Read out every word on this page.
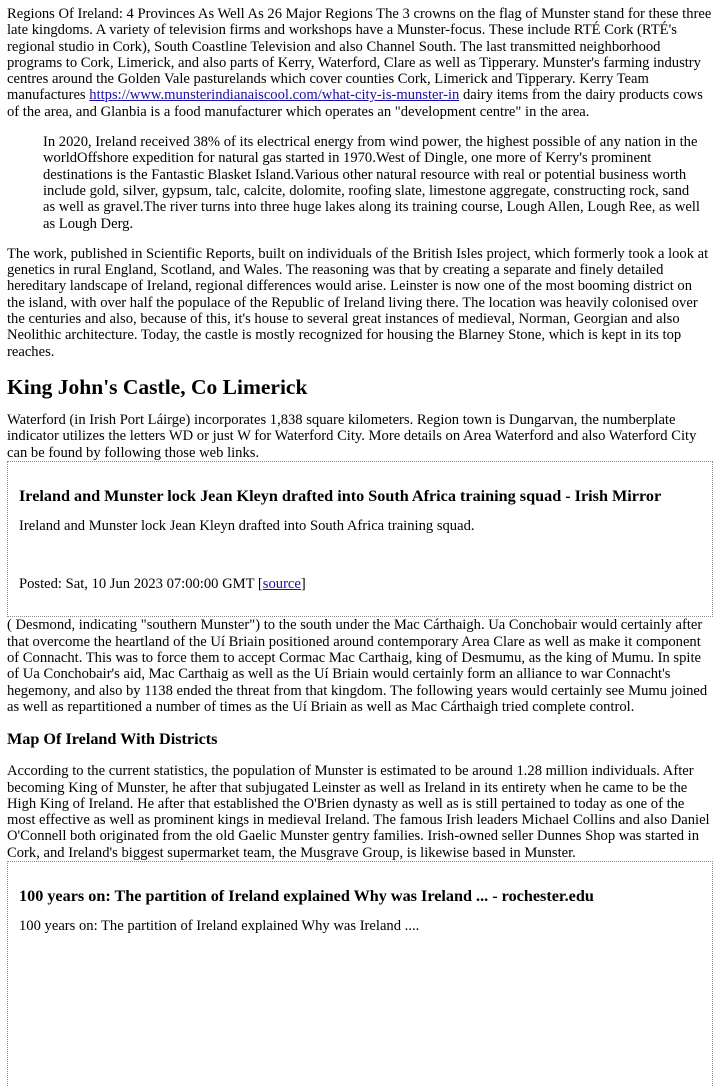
Regions Of Ireland: 4 Provinces As Well As 26 Major Regions The 3 crowns on the flag of Munster stand for these three late kingdoms. A variety of television firms and workshops have a Munster-focus. These include RTÉ Cork (RTÉ's regional studio in Cork), South Coastline Television and also Channel South. The last transmitted neighborhood programs to Cork, Limerick, and also parts of Kerry, Waterford, Clare as well as Tipperary. Munster's farming industry centres around the Golden Vale pasturelands which cover counties Cork, Limerick and Tipperary. Kerry Team manufactures https://www.munsterindianaiscool.com/what-city-is-munster-in dairy items from the dairy products cows of the area, and Glanbia is a food manufacturer which operates an "development centre" in the area.

In 2020, Ireland received 38% of its electrical energy from wind power, the highest possible of any nation in the worldOffshore expedition for natural gas started in 1970.West of Dingle, one more of Kerry's prominent destinations is the Fantastic Blasket Island.Various other natural resource with real or potential business worth include gold, silver, gypsum, talc, calcite, dolomite, roofing slate, limestone aggregate, constructing rock, sand as well as gravel.The river turns into three huge lakes along its training course, Lough Allen, Lough Ree, as well as Lough Derg.

The work, published in Scientific Reports, built on individuals of the British Isles project, which formerly took a look at genetics in rural England, Scotland, and Wales. The reasoning was that by creating a separate and finely detailed hereditary landscape of Ireland, regional differences would arise. Leinster is now one of the most booming district on the island, with over half the populace of the Republic of Ireland living there. The location was heavily colonised over the centuries and also, because of this, it's house to several great instances of medieval, Norman, Georgian and also Neolithic architecture. Today, the castle is mostly recognized for housing the Blarney Stone, which is kept in its top reaches.

King John's Castle, Co Limerick

Waterford (in Irish Port Láirge) incorporates 1,838 square kilometers. Region town is Dungarvan, the numberplate indicator utilizes the letters WD or just W for Waterford City. More details on Area Waterford and also Waterford City can be found by following those web links.

Ireland and Munster lock Jean Kleyn drafted into South Africa training squad - Irish Mirror

Ireland and Munster lock Jean Kleyn drafted into South Africa training squad.

Posted: Sat, 10 Jun 2023 07:00:00 GMT [source]

( Desmond, indicating "southern Munster") to the south under the Mac Cárthaigh. Ua Conchobair would certainly after that overcome the heartland of the Uí Briain positioned around contemporary Area Clare as well as make it component of Connacht. This was to force them to accept Cormac Mac Carthaig, king of Desmumu, as the king of Mumu. In spite of Ua Conchobair's aid, Mac Carthaig as well as the Uí Briain would certainly form an alliance to war Connacht's hegemony, and also by 1138 ended the threat from that kingdom. The following years would certainly see Mumu joined as well as repartitioned a number of times as the Uí Briain as well as Mac Cárthaigh tried complete control.

Map Of Ireland With Districts

According to the current statistics, the population of Munster is estimated to be around 1.28 million individuals. After becoming King of Munster, he after that subjugated Leinster as well as Ireland in its entirety when he came to be the High King of Ireland. He after that established the O'Brien dynasty as well as is still pertained to today as one of the most effective as well as prominent kings in medieval Ireland. The famous Irish leaders Michael Collins and also Daniel O'Connell both originated from the old Gaelic Munster gentry families. Irish-owned seller Dunnes Shop was started in Cork, and Ireland's biggest supermarket team, the Musgrave Group, is likewise based in Munster.

100 years on: The partition of Ireland explained Why was Ireland ... - rochester.edu

100 years on: The partition of Ireland explained Why was Ireland ....
